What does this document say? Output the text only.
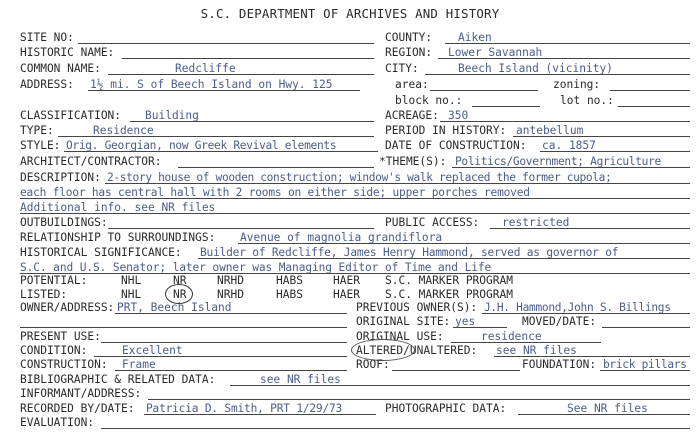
S.C. DEPARTMENT OF ARCHIVES AND HISTORY
SITE NO:	COUNTY: Aiken
HISTORIC NAME:	REGION: Lower Savannah
COMMON NAME:	Redcliffe	CITY:	Beech Island (vicinity)
ADDRESS: 1½ mi. S of Beech Island on Hwy. 125	area:	zoning:
block no.:	lot no.:
CLASSIFICATION: Building	ACREAGE: 350
TYPE:	Residence	PERIOD IN HISTORY: antebellum
STYLE: Orig. Georgian, now Greek Revival elements	DATE OF CONSTRUCTION: ca. 1857
ARCHITECT/CONTRACTOR:	*THEME(S): Politics/Government; Agriculture
DESCRIPTION: 2-story house of wooden construction; window's walk replaced the former cupola;
each floor has central hall with 2 rooms on either side; upper porches removed
Additional info. see NR files
OUTBUILDINGS:	PUBLIC ACCESS: restricted
RELATIONSHIP TO SURROUNDINGS: Avenue of magnolia grandiflora
HISTORICAL SIGNIFICANCE: Builder of Redcliffe, James Henry Hammond, served as governor of
S.C. and U.S. Senator; later owner was Managing Editor of Time and Life
POTENTIAL:	NHL	NR	NRHD	HABS	HAER S.C. MARKER PROGRAM
LISTED:	NHL	NR	NRHD	HABS	HAER S.C. MARKER PROGRAM
OWNER/ADDRESS: PRT, Beech Island	PREVIOUS OWNER(S): J.H. Hammond,John S. Billings
ORIGINAL SITE: yes	MOVED/DATE:
PRESENT USE:	ORIGINAL USE:	residence
CONDITION:	Excellent	ALTERED/UNALTERED: see NR files
CONSTRUCTION: Frame	ROOF:	FOUNDATION: brick pillars
BIBLIOGRAPHIC & RELATED DATA:	see NR files
INFORMANT/ADDRESS:
RECORDED BY/DATE: Patricia D. Smith, PRT 1/29/73	PHOTOGRAPHIC DATA:	See NR files
EVALUATION:
